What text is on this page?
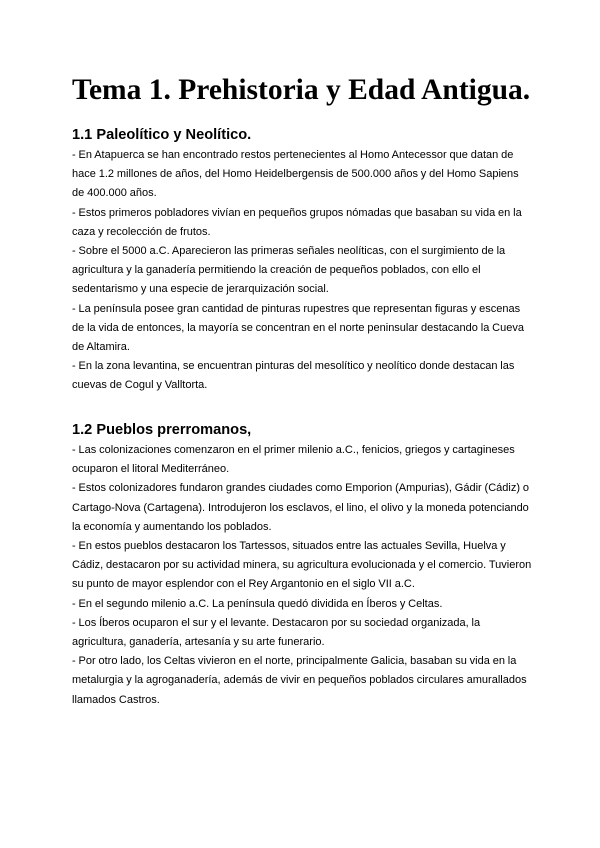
Tema 1. Prehistoria y Edad Antigua.
1.1 Paleolítico y Neolítico.

- En Atapuerca se han encontrado restos pertenecientes al Homo Antecessor que datan de hace 1.2 millones de años, del Homo Heidelbergensis de 500.000 años y del Homo Sapiens de 400.000 años.

- Estos primeros pobladores vivían en pequeños grupos nómadas que basaban su vida en la caza y recolección de frutos.

- Sobre el 5000 a.C. Aparecieron las primeras señales neolíticas, con el surgimiento de la agricultura y la ganadería permitiendo la creación de pequeños poblados, con ello el sedentarismo y una especie de jerarquización social.

- La península posee gran cantidad de pinturas rupestres que representan figuras y escenas de la vida de entonces, la mayoría se concentran en el norte peninsular destacando la Cueva de Altamira.

- En la zona levantina, se encuentran pinturas del mesolítico y neolítico donde destacan las cuevas de Cogul y Valltorta.

1.2 Pueblos prerromanos,

- Las colonizaciones comenzaron en el primer milenio a.C., fenicios, griegos y cartagineses ocuparon el litoral Mediterráneo.

- Estos colonizadores fundaron grandes ciudades como Emporion (Ampurias), Gádir (Cádiz) o Cartago-Nova (Cartagena). Introdujeron los esclavos, el lino, el olivo y la moneda potenciando la economía y aumentando los poblados.

- En estos pueblos destacaron los Tartessos, situados entre las actuales Sevilla, Huelva y Cádiz, destacaron por su actividad minera, su agricultura evolucionada y el comercio. Tuvieron su punto de mayor esplendor con el Rey Argantonio en el siglo VII a.C.

- En el segundo milenio a.C. La península quedó dividida en Íberos y Celtas.

- Los Íberos ocuparon el sur y el levante. Destacaron por su sociedad organizada, la agricultura, ganadería, artesanía y su arte funerario.

- Por otro lado, los Celtas vivieron en el norte, principalmente Galicia, basaban su vida en la metalurgia y la agroganadería, además de vivir en pequeños poblados circulares amurallados llamados Castros.
